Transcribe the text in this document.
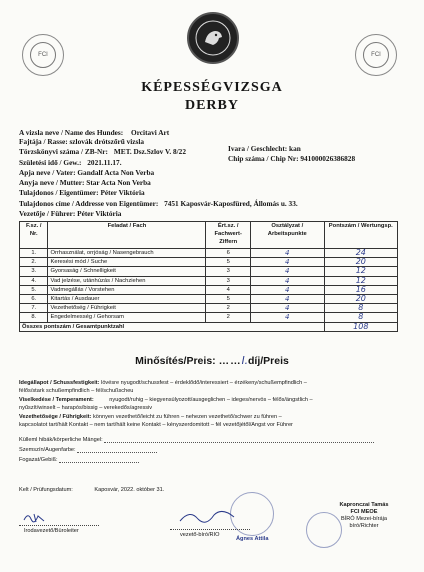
FCI	FCI
KÉPESSÉGVIZSGA
DERBY
A vizsla neve / Name des Hundes: Orcitavi Art
Fajtája / Rasse: szlovák drótszőrű vizsla
Ivara / Geschlecht: kan
Törzskönyvi száma / ZB-Nr: MET. Dsz.Szlov V. 8/22
Chip száma / Chip Nr: 941000026386828
Születési idő / Gew.: 2021.11.17.
Apja neve / Vater: Gandalf Acta Non Verba
Anyja neve / Mutter: Star Acta Non Verba
Tulajdonos / Eigentümer: Péter Viktória
Tulajdonos címe / Addresse von Eigentümer: 7451 Kaposvár-Kaposfüred, Állomás u. 33.
Vezetője / Führer: Péter Viktória
F.sz. / Nr.	Feladat / Fach	Ért.sz. / Fachwert-Ziffern	Osztályzat / Arbeitspunkte	Pontszám / Wertungsp.
1.	Orrhasználat, orrjóság / Nasengebrauch	6	4	24
2.	Keresési mód / Suche	5	4	20
3.	Gyorsaság / Schnelligkeit	3	4	12
4.	Vad jelzése, utánhúzás / Nachziehen	3	4	12
5.	Vadmegállás / Vorstehen	4	4	16
6.	Kitartás / Ausdauer	5	4	20
7.	Vezethetőség / Führigkeit	2	4	8
8.	Engedelmesség / Gehorsam	2	4	8
Összes pontszám / Gesamtpunktzahl				108
Minősítés/Preis: ……I.díj/Preis
Idegállapot / Schussfestigkeit: lövésre nyugodt/schussfest – érdeklődő/interessiert – érzékeny/schußempfindlich –
félős/stark schußempfindlich – fél/schußscheu
Viselkedése / Temperament:	nyugodt/ruhig – kiegyensúlyozott/ausgeglichen – ideges/nervös – félős/ängstlich –
nyűszít/winselt – harapós/bissig – verekedős/agressiv
Vezethetősége / Führigkeit: könnyen vezethető/leicht zu führen – nehezen vezethető/schwer zu führen –
kapcsolatot tart/hält Kontakt – nem tart/hält keine Kontakt – kényszerdomitott – fél vezetőjétől/Angst vor Führer
Külleml hibák/körperliche Mängel:
Szemszín/Augenfarbe:
Fogazat/Gebiß:
Kelt / Prüfungsdatum:	Kaposvár, 2022. október 31.
Irodavezető/Büroleiter
vezető-bíró/RIO
Ágnes Attila
Kapronczai Tamás
FCI MEOE
BÍRÓ Mezei-bírája
bíró/Richter
